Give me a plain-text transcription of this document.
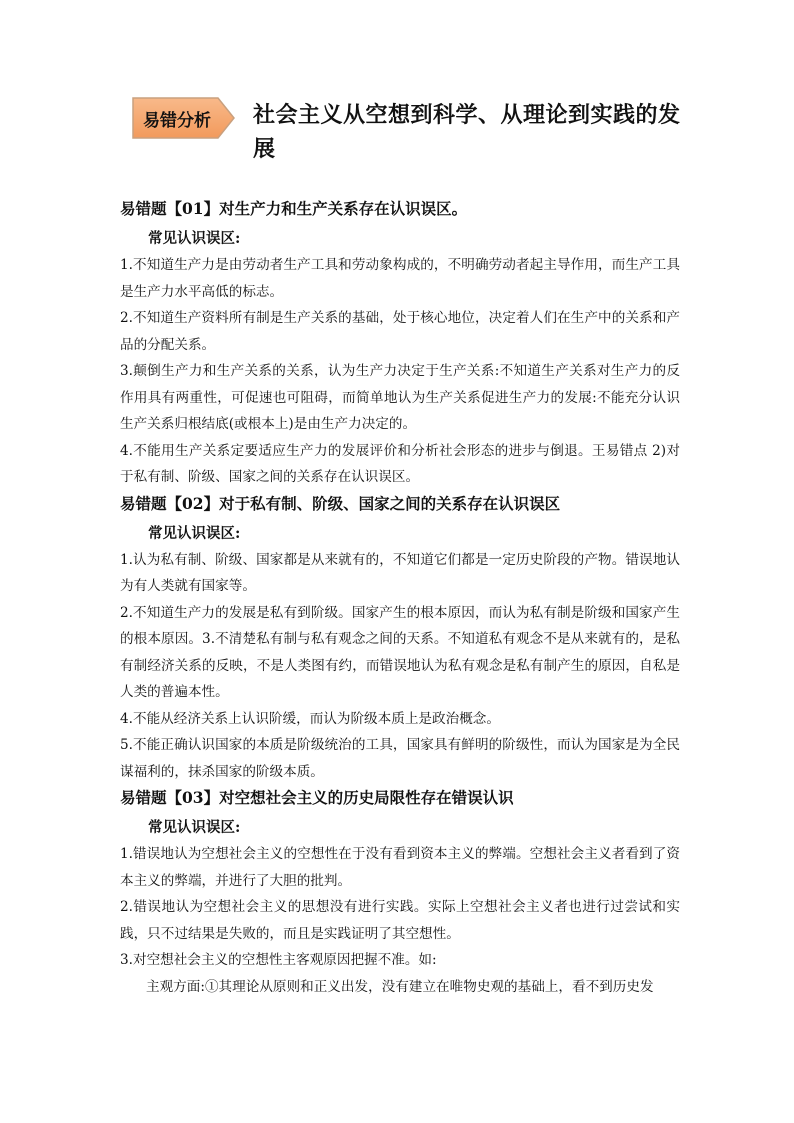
易错分析	社会主义从空想到科学、从理论到实践的发展

易错题【01】对生产力和生产关系存在认识误区。

常见认识误区:

1.不知道生产力是由劳动者生产工具和劳动象构成的，不明确劳动者起主导作用，而生产工具是生产力水平高低的标志。

2.不知道生产资料所有制是生产关系的基础，处于核心地位，决定着人们在生产中的关系和产品的分配关系。

3.颠倒生产力和生产关系的关系，认为生产力决定于生产关系:不知道生产关系对生产力的反作用具有两重性，可促速也可阻碍，而简单地认为生产关系促进生产力的发展:不能充分认识生产关系归根结底(或根本上)是由生产力决定的。

4.不能用生产关系定要适应生产力的发展评价和分析社会形态的进步与倒退。王易错点 2)对于私有制、阶级、国家之间的关系存在认识误区。

易错题【02】对于私有制、阶级、国家之间的关系存在认识误区

常见认识误区:

1.认为私有制、阶级、国家都是从来就有的，不知道它们都是一定历史阶段的产物。错误地认为有人类就有国家等。

2.不知道生产力的发展是私有到阶级。国家产生的根本原因，而认为私有制是阶级和国家产生的根本原因。3.不清楚私有制与私有观念之间的天系。不知道私有观念不是从来就有的，是私有制经济关系的反映，不是人类图有约，而错误地认为私有观念是私有制产生的原因，自私是人类的普遍本性。

4.不能从经济关系上认识阶缓，而认为阶级本质上是政治概念。

5.不能正确认识国家的本质是阶级统治的工具，国家具有鲜明的阶级性，而认为国家是为全民谋福利的，抹杀国家的阶级本质。

易错题【03】对空想社会主义的历史局限性存在错误认识

常见认识误区:

1.错误地认为空想社会主义的空想性在于没有看到资本主义的弊端。空想社会主义者看到了资本主义的弊端，并进行了大胆的批判。

2.错误地认为空想社会主义的思想没有进行实践。实际上空想社会主义者也进行过尝试和实践，只不过结果是失败的，而且是实践证明了其空想性。

3.对空想社会主义的空想性主客观原因把握不准。如:

主观方面:①其理论从原则和正义出发，没有建立在唯物史观的基础上，看不到历史发
